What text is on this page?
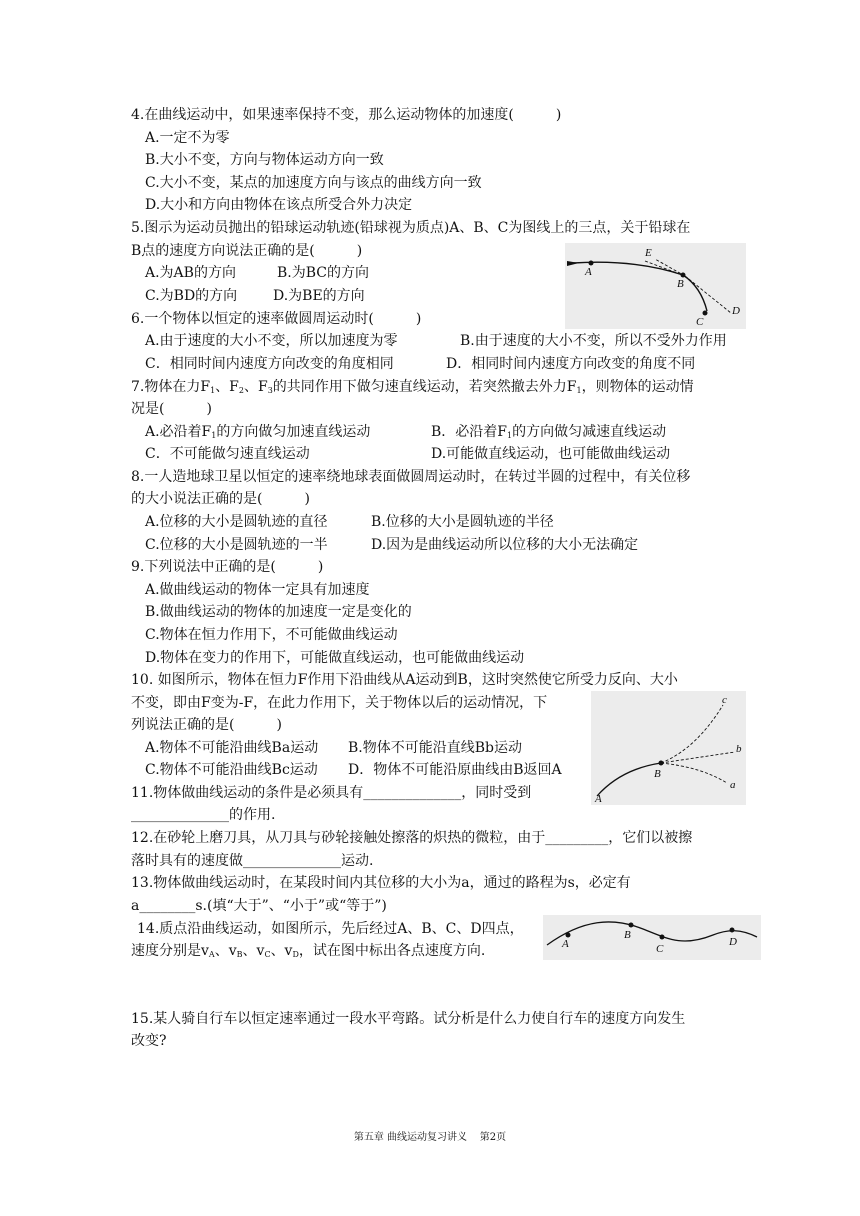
4.在曲线运动中，如果速率保持不变，那么运动物体的加速度(　　　)
A.一定不为零
B.大小不变，方向与物体运动方向一致
C.大小不变，某点的加速度方向与该点的曲线方向一致
D.大小和方向由物体在该点所受合外力决定
5.图示为运动员抛出的铅球运动轨迹(铅球视为质点)A、B、C为图线上的三点，关于铅球在
B点的速度方向说法正确的是(　　　)
A.为AB的方向	B.为BC的方向
C.为BD的方向	D.为BE的方向
A
B
C
D
E
6.一个物体以恒定的速率做圆周运动时(　　　)
A.由于速度的大小不变，所以加速度为零	B.由于速度的大小不变，所以不受外力作用
C．相同时间内速度方向改变的角度相同	D．相同时间内速度方向改变的角度不同
7.物体在力$F_1$、$F_2$、$F_3$的共同作用下做匀速直线运动，若突然撤去外力$F_1$，则物体的运动情
况是(　　　)
A.必沿着$F_1$的方向做匀加速直线运动	B．必沿着$F_1$的方向做匀减速直线运动
C．不可能做匀速直线运动	D.可能做直线运动，也可能做曲线运动
8.一人造地球卫星以恒定的速率绕地球表面做圆周运动时，在转过半圆的过程中，有关位移
的大小说法正确的是(　　　)
A.位移的大小是圆轨迹的直径	B.位移的大小是圆轨迹的半径
C.位移的大小是圆轨迹的一半	D.因为是曲线运动所以位移的大小无法确定
9.下列说法中正确的是(　　　)
A.做曲线运动的物体一定具有加速度
B.做曲线运动的物体的加速度一定是变化的
C.物体在恒力作用下，不可能做曲线运动
D.物体在变力的作用下，可能做直线运动，也可能做曲线运动
10. 如图所示，物体在恒力F作用下沿曲线从A运动到B，这时突然使它所受力反向、大小
不变，即由F变为-F，在此力作用下，关于物体以后的运动情况，下
列说法正确的是(　　　)
A.物体不可能沿曲线Ba运动 B.物体不可能沿直线Bb运动
C.物体不可能沿曲线Bc运动 D．物体不可能沿原曲线由B返回A
A
B
a
b
c
11.物体做曲线运动的条件是必须具有______________，同时受到
______________的作用.
12.在砂轮上磨刀具，从刀具与砂轮接触处擦落的炽热的微粒，由于_________，它们以被擦
落时具有的速度做______________运动.
13.物体做曲线运动时，在某段时间内其位移的大小为a，通过的路程为s，必定有
a________s.(填“大于”、“小于”或“等于”)
14.质点沿曲线运动，如图所示，先后经过A、B、C、D四点，
速度分别是$v_A$、$v_B$、$v_C$、$v_D$，试在图中标出各点速度方向.	A
B
C
D
15.某人骑自行车以恒定速率通过一段水平弯路。试分析是什么力使自行车的速度方向发生
改变?
第五章 曲线运动复习讲义 第2页
